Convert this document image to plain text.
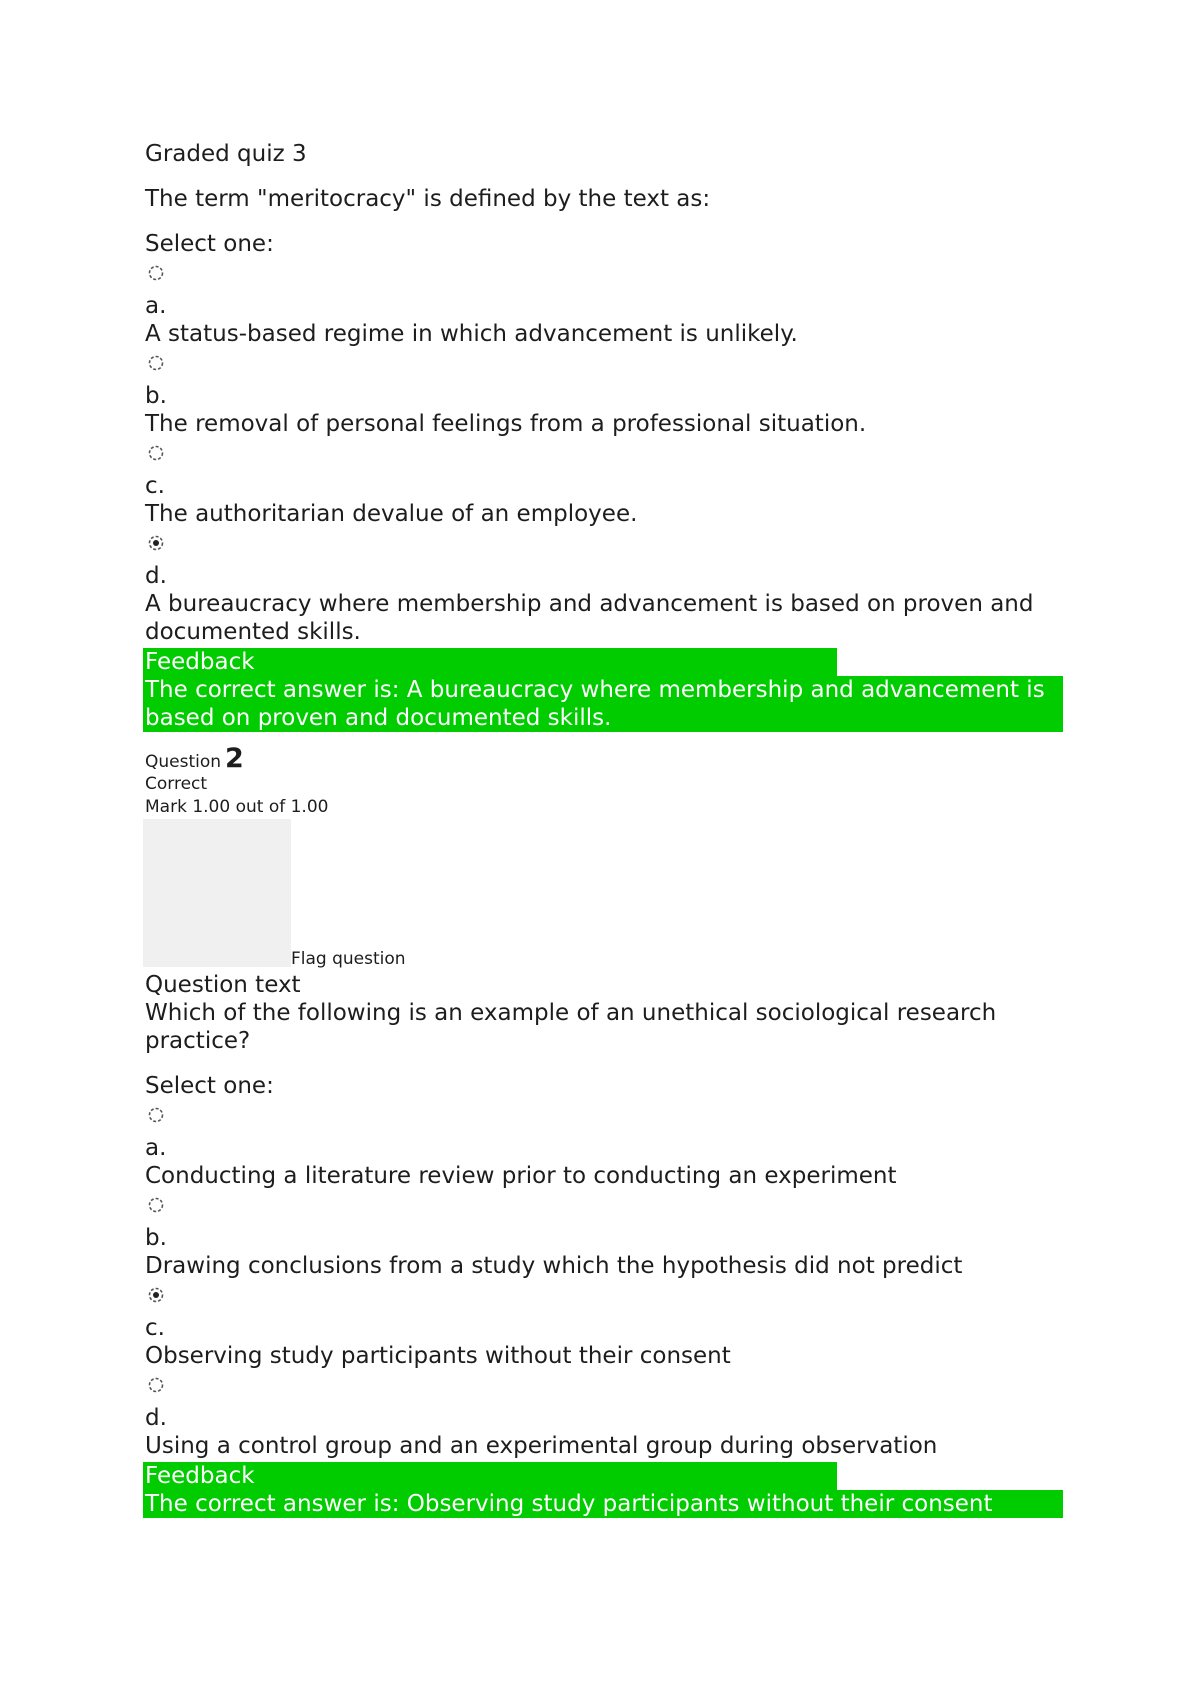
Graded quiz 3
The term "meritocracy" is defined by the text as:
Select one:
a.
A status-based regime in which advancement is unlikely.
b.
The removal of personal feelings from a professional situation.
c.
The authoritarian devalue of an employee.
d.
A bureaucracy where membership and advancement is based on proven and documented skills.
Feedback
The correct answer is: A bureaucracy where membership and advancement is based on proven and documented skills.
Question 2
Correct
Mark 1.00 out of 1.00
Flag question
Question text
Which of the following is an example of an unethical sociological research practice?
Select one:
a.
Conducting a literature review prior to conducting an experiment
b.
Drawing conclusions from a study which the hypothesis did not predict
c.
Observing study participants without their consent
d.
Using a control group and an experimental group during observation
Feedback
The correct answer is: Observing study participants without their consent
